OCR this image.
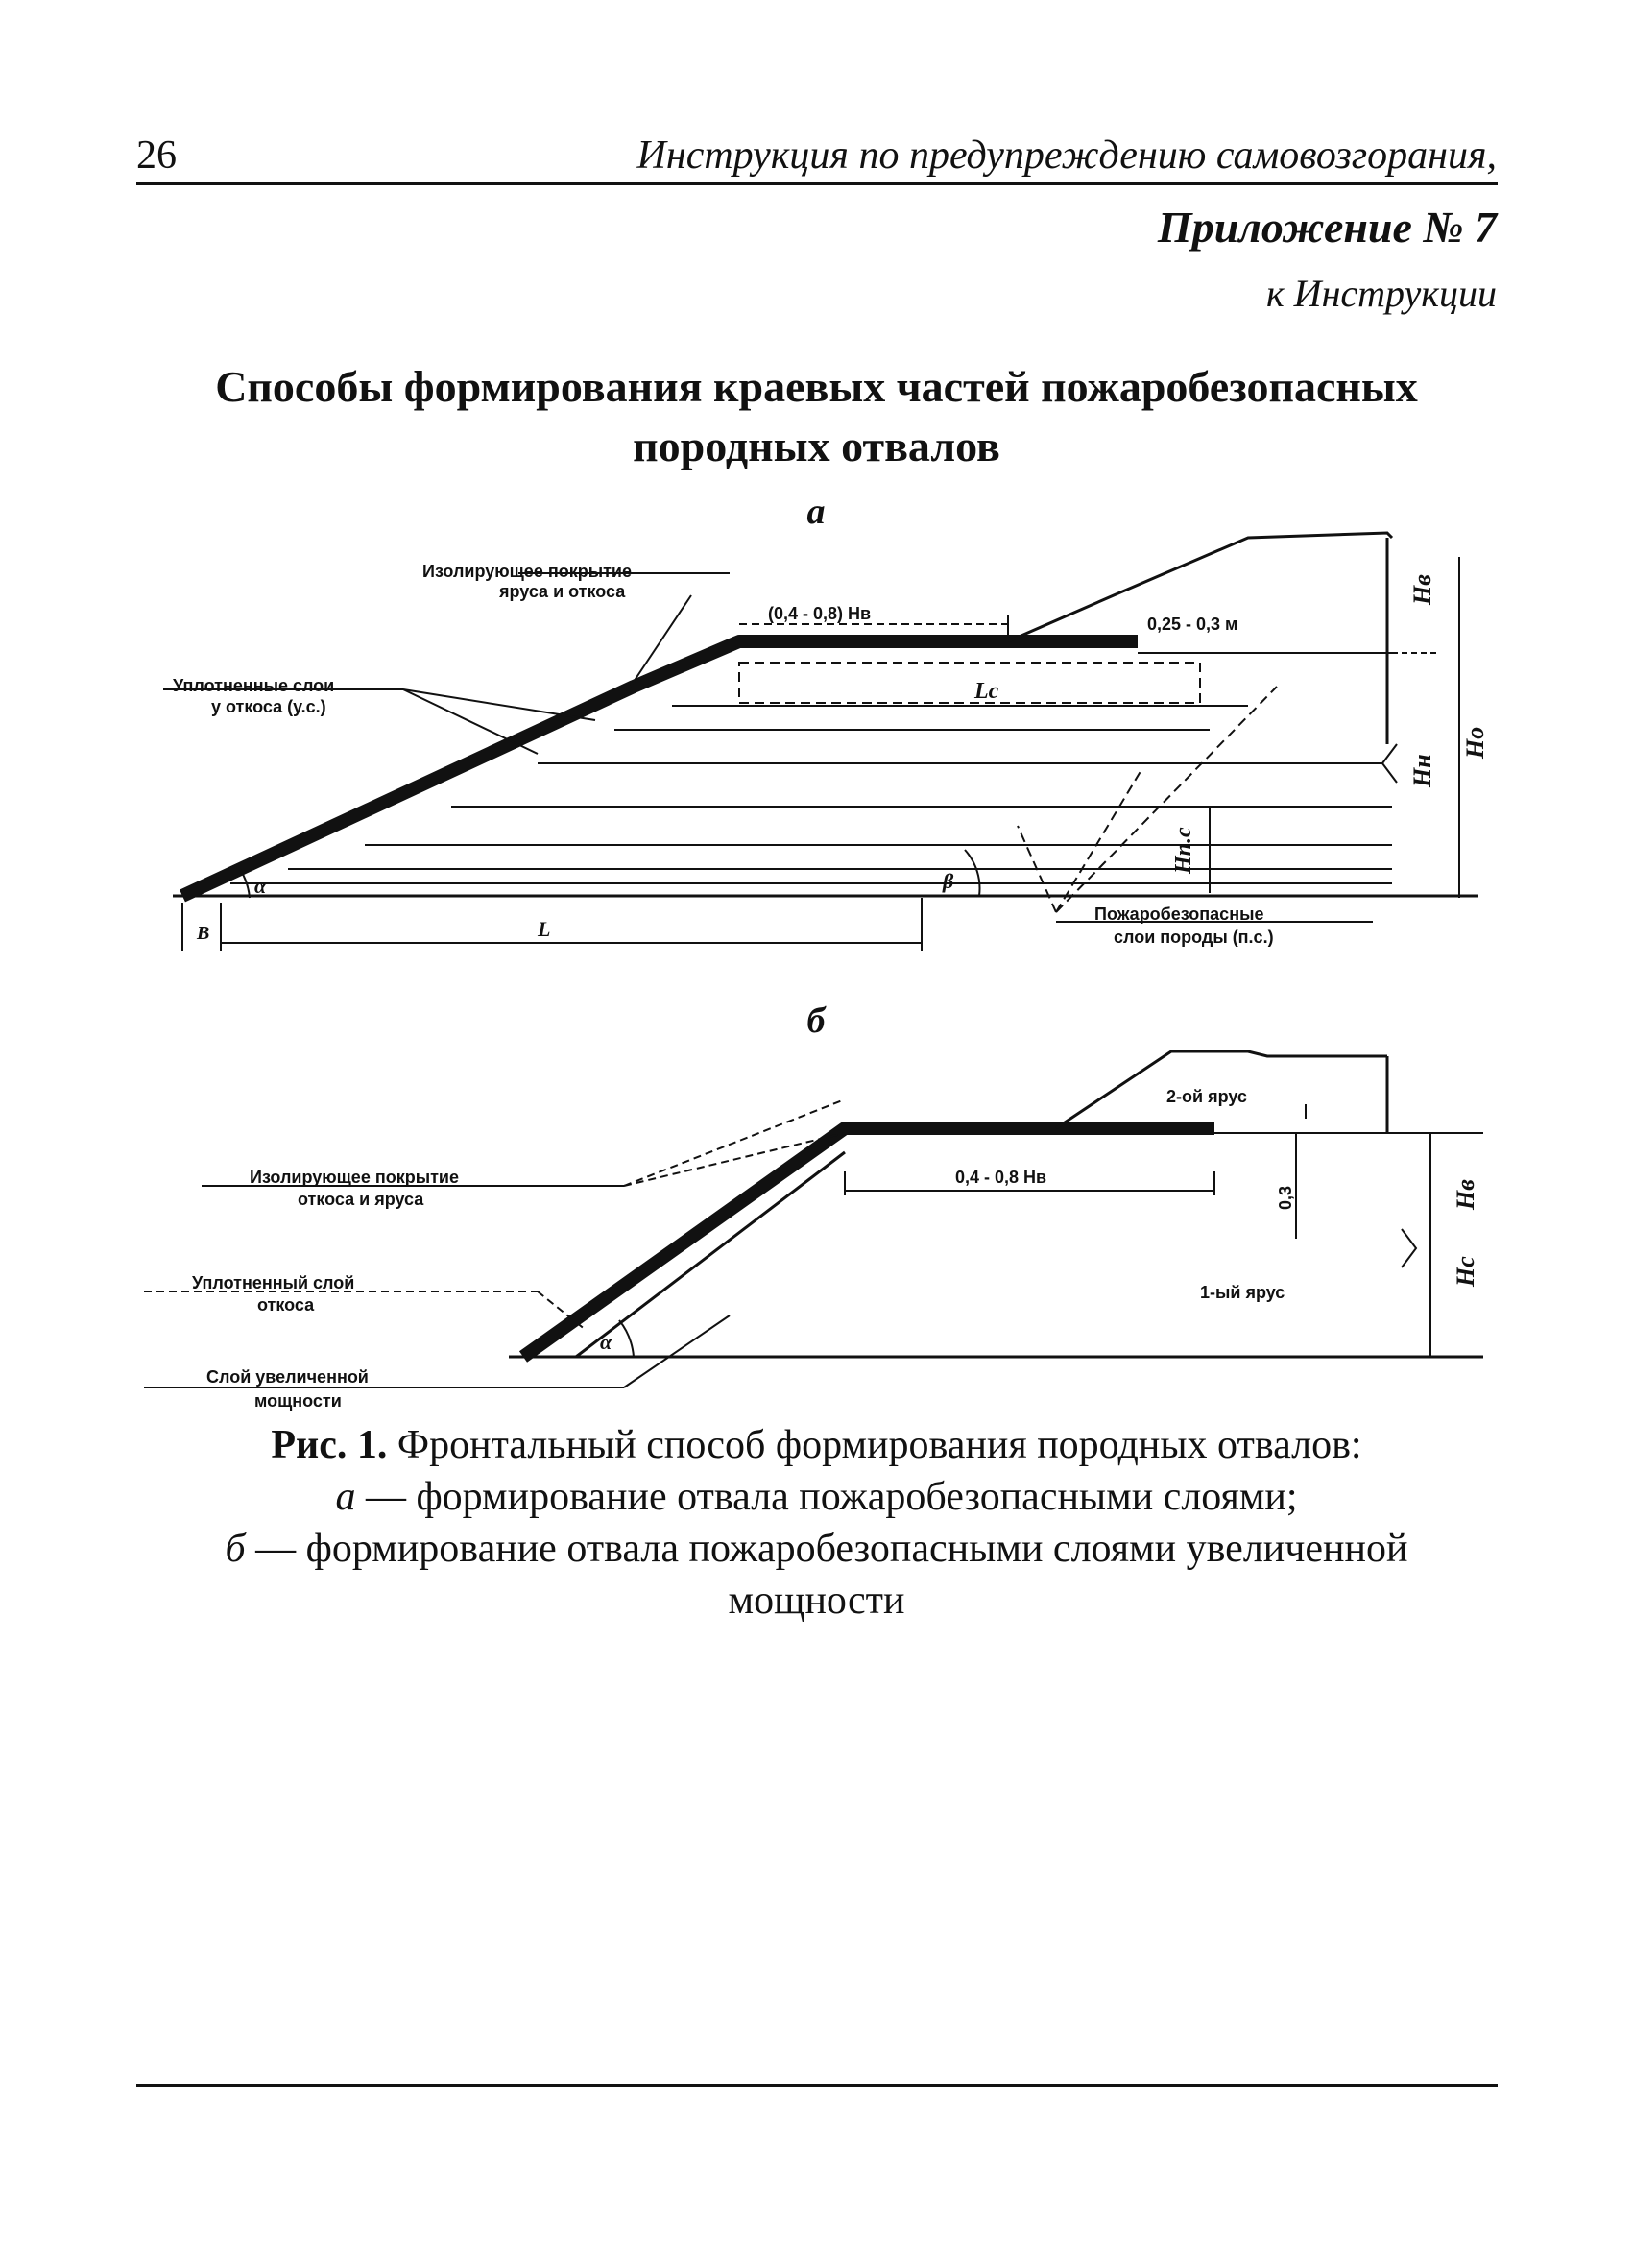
26	Инструкция по предупреждению самовозгорания,
Приложение № 7
к Инструкции
Способы формирования краевых частей пожаробезопасных
породных отвалов
а
Изолирующее покрытие
яруса и откоса
Уплотненные слои
у откоса (у.с.)
(0,4 - 0,8) Hв
0,25 - 0,3 м
Lс
L
B
α	β
Hв
Hо
Hн
Hп.с
Пожаробезопасные
слои породы (п.с.)
б
2-ой ярус
1-ый ярус
Изолирующее покрытие
откоса и яруса
0,4 - 0,8 Hв
0,3
Уплотненный слой
откоса
Слой увеличенной
мощности
α
Hв
Hс
Рис. 1. Фронтальный способ формирования породных отвалов:
а — формирование отвала пожаробезопасными слоями;
б — формирование отвала пожаробезопасными слоями увеличенной
мощности
